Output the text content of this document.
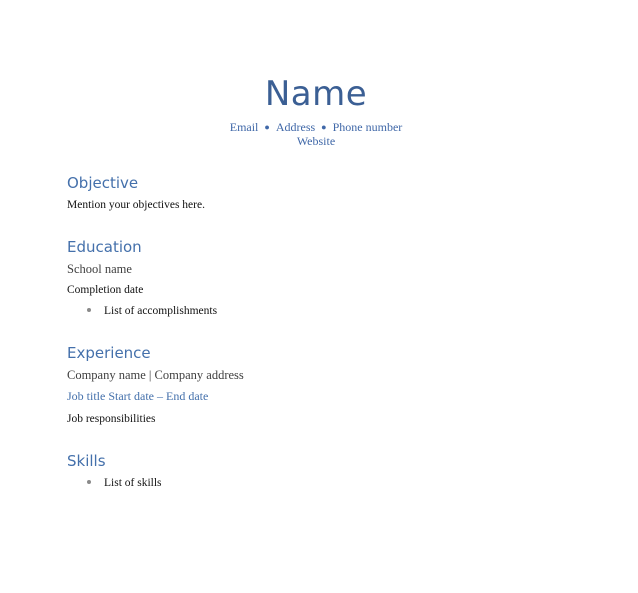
Name
Email ● Address ● Phone number
Website
Objective
Mention your objectives here.
Education
School name
Completion date
List of accomplishments
Experience
Company name | Company address
Job title Start date – End date
Job responsibilities
Skills
List of skills
